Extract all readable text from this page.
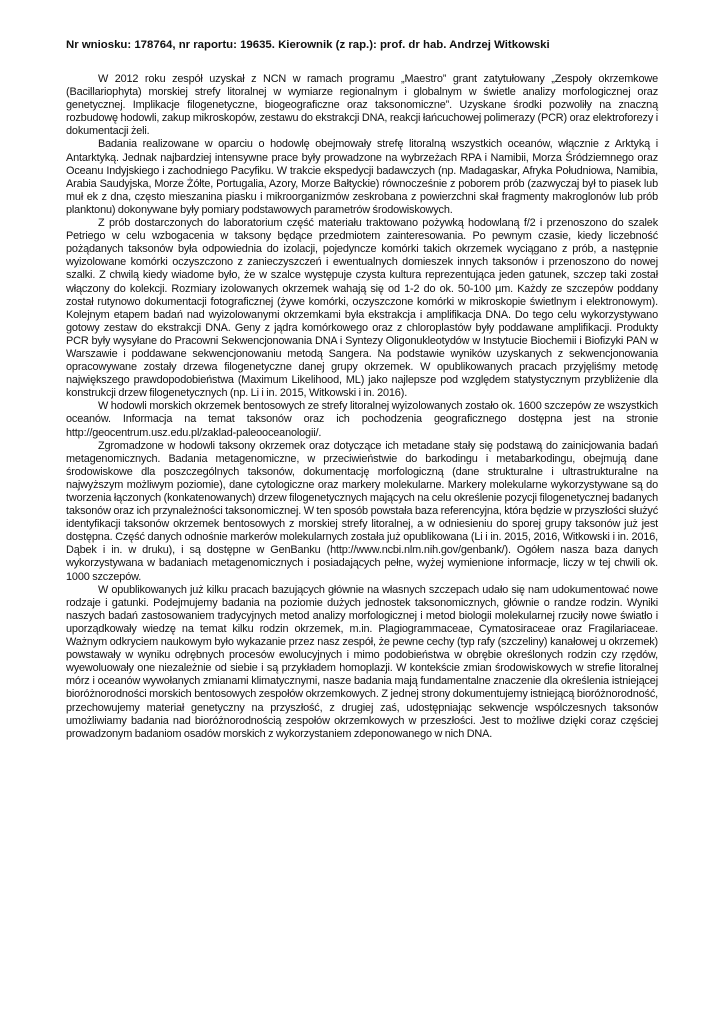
Nr wniosku: 178764, nr raportu: 19635. Kierownik (z rap.): prof. dr hab. Andrzej Witkowski

W 2012 roku zespół uzyskał z NCN w ramach programu „Maestro” grant zatytułowany „Zespoły okrzemkowe (Bacillariophyta) morskiej strefy litoralnej w wymiarze regionalnym i globalnym w świetle analizy morfologicznej oraz genetycznej. Implikacje filogenetyczne, biogeograficzne oraz taksonomiczne”. Uzyskane środki pozwoliły na znaczną rozbudowę hodowli, zakup mikroskopów, zestawu do ekstrakcji DNA, reakcji łańcuchowej polimerazy (PCR) oraz elektroforezy i dokumentacji żeli.

Badania realizowane w oparciu o hodowlę obejmowały strefę litoralną wszystkich oceanów, włącznie z Arktyką i Antarktyką. Jednak najbardziej intensywne prace były prowadzone na wybrzeżach RPA i Namibii, Morza Śródziemnego oraz Oceanu Indyjskiego i zachodniego Pacyfiku. W trakcie ekspedycji badawczych (np. Madagaskar, Afryka Południowa, Namibia, Arabia Saudyjska, Morze Żółte, Portugalia, Azory, Morze Bałtyckie) równocześnie z poborem prób (zazwyczaj był to piasek lub muł ek z dna, często mieszanina piasku i mikroorganizmów zeskrobana z powierzchni skał fragmenty makroglonów lub prób planktonu) dokonywane były pomiary podstawowych parametrów środowiskowych.

Z prób dostarczonych do laboratorium część materiału traktowano pożywką hodowlaną f/2 i przenoszono do szalek Petriego w celu wzbogacenia w taksony będące przedmiotem zainteresowania. Po pewnym czasie, kiedy liczebność pożądanych taksonów była odpowiednia do izolacji, pojedyncze komórki takich okrzemek wyciągano z prób, a następnie wyizolowane komórki oczyszczono z zanieczyszczeń i ewentualnych domieszek innych taksonów i przenoszono do nowej szalki. Z chwilą kiedy wiadome było, że w szalce występuje czysta kultura reprezentująca jeden gatunek, szczep taki został włączony do kolekcji. Rozmiary izolowanych okrzemek wahają się od 1-2 do ok. 50-100 µm. Każdy ze szczepów poddany został rutynowo dokumentacji fotograficznej (żywe komórki, oczyszczone komórki w mikroskopie świetlnym i elektronowym). Kolejnym etapem badań nad wyizolowanymi okrzemkami była ekstrakcja i amplifikacja DNA. Do tego celu wykorzystywano gotowy zestaw do ekstrakcji DNA. Geny z jądra komórkowego oraz z chloroplastów były poddawane amplifikacji. Produkty PCR były wysyłane do Pracowni Sekwencjonowania DNA i Syntezy Oligonukleotydów w Instytucie Biochemii i Biofizyki PAN w Warszawie i poddawane sekwencjonowaniu metodą Sangera. Na podstawie wyników uzyskanych z sekwencjonowania opracowywane zostały drzewa filogenetyczne danej grupy okrzemek. W opublikowanych pracach przyjęliśmy metodę największego prawdopodobieństwa (Maximum Likelihood, ML) jako najlepsze pod względem statystycznym przybliżenie dla konstrukcji drzew filogenetycznych (np. Li i in. 2015, Witkowski i in. 2016).

W hodowli morskich okrzemek bentosowych ze strefy litoralnej wyizolowanych zostało ok. 1600 szczepów ze wszystkich oceanów. Informacja na temat taksonów oraz ich pochodzenia geograficznego dostępna jest na stronie http://geocentrum.usz.edu.pl/zaklad-paleooceanologii/.

Zgromadzone w hodowli taksony okrzemek oraz dotyczące ich metadane stały się podstawą do zainicjowania badań metagenomicznych. Badania metagenomiczne, w przeciwieństwie do barkodingu i metabarkodingu, obejmują dane środowiskowe dla poszczególnych taksonów, dokumentację morfologiczną (dane strukturalne i ultrastrukturalne na najwyższym możliwym poziomie), dane cytologiczne oraz markery molekularne. Markery molekularne wykorzystywane są do tworzenia łączonych (konkatenowanych) drzew filogenetycznych mających na celu określenie pozycji filogenetycznej badanych taksonów oraz ich przynależności taksonomicznej. W ten sposób powstała baza referencyjna, która będzie w przyszłości służyć identyfikacji taksonów okrzemek bentosowych z morskiej strefy litoralnej, a w odniesieniu do sporej grupy taksonów już jest dostępna. Część danych odnośnie markerów molekularnych została już opublikowana (Li i in. 2015, 2016, Witkowski i in. 2016, Dąbek i in. w druku), i są dostępne w GenBanku (http://www.ncbi.nlm.nih.gov/genbank/). Ogółem nasza baza danych wykorzystywana w badaniach metagenomicznych i posiadających pełne, wyżej wymienione informacje, liczy w tej chwili ok. 1000 szczepów.

W opublikowanych już kilku pracach bazujących głównie na własnych szczepach udało się nam udokumentować nowe rodzaje i gatunki. Podejmujemy badania na poziomie dużych jednostek taksonomicznych, głównie o randze rodzin. Wyniki naszych badań zastosowaniem tradycyjnych metod analizy morfologicznej i metod biologii molekularnej rzuciły nowe światło i uporządkowały wiedzę na temat kilku rodzin okrzemek, m.in. Plagiogrammaceae, Cymatosiraceae oraz Fragilariaceae. Ważnym odkryciem naukowym było wykazanie przez nasz zespół, że pewne cechy (typ rafy (szczeliny) kanałowej u okrzemek) powstawały w wyniku odrębnych procesów ewolucyjnych i mimo podobieństwa w obrębie określonych rodzin czy rzędów, wyewoluowały one niezależnie od siebie i są przykładem homoplazji. W kontekście zmian środowiskowych w strefie litoralnej mórz i oceanów wywołanych zmianami klimatycznymi, nasze badania mają fundamentalne znaczenie dla określenia istniejącej bioróżnorodności morskich bentosowych zespołów okrzemkowych. Z jednej strony dokumentujemy istniejącą bioróżnorodność, przechowujemy materiał genetyczny na przyszłość, z drugiej zaś, udostępniając sekwencje wspólczesnych taksonów umożliwiamy badania nad bioróżnorodnością zespołów okrzemkowych w przeszłości. Jest to możliwe dzięki coraz częściej prowadzonym badaniom osadów morskich z wykorzystaniem zdeponowanego w nich DNA.
